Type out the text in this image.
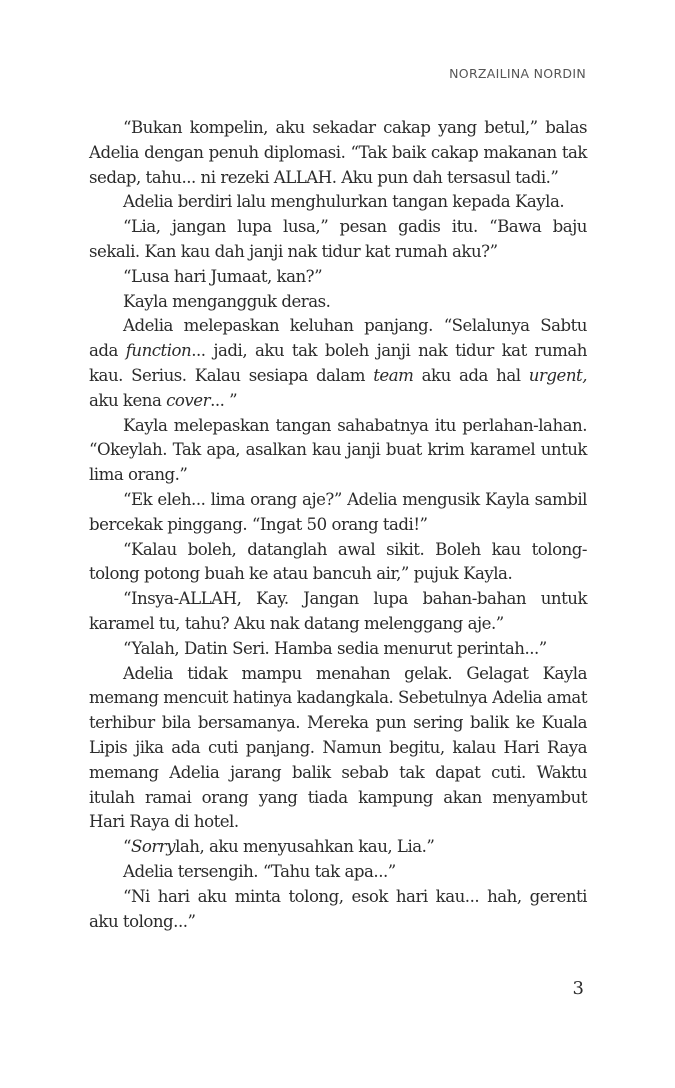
NORZAILINA NORDIN

“Bukan kompelin, aku sekadar cakap yang betul,” balas Adelia dengan penuh diplomasi. “Tak baik cakap makanan tak sedap, tahu... ni rezeki ALLAH. Aku pun dah tersasul tadi.”

Adelia berdiri lalu menghulurkan tangan kepada Kayla.

“Lia, jangan lupa lusa,” pesan gadis itu. “Bawa baju sekali. Kan kau dah janji nak tidur kat rumah aku?”

“Lusa hari Jumaat, kan?”

Kayla mengangguk deras.

Adelia melepaskan keluhan panjang. “Selalunya Sabtu ada function... jadi, aku tak boleh janji nak tidur kat rumah kau. Serius. Kalau sesiapa dalam team aku ada hal urgent, aku kena cover... ”

Kayla melepaskan tangan sahabatnya itu perlahan-lahan. “Okeylah. Tak apa, asalkan kau janji buat krim karamel untuk lima orang.”

“Ek eleh... lima orang aje?” Adelia mengusik Kayla sambil bercekak pinggang. “Ingat 50 orang tadi!”

“Kalau boleh, datanglah awal sikit. Boleh kau tolong-tolong potong buah ke atau bancuh air,” pujuk Kayla.

“Insya-ALLAH, Kay. Jangan lupa bahan-bahan untuk karamel tu, tahu? Aku nak datang melenggang aje.”

“Yalah, Datin Seri. Hamba sedia menurut perintah...”

Adelia tidak mampu menahan gelak. Gelagat Kayla memang mencuit hatinya kadangkala. Sebetulnya Adelia amat terhibur bila bersamanya. Mereka pun sering balik ke Kuala Lipis jika ada cuti panjang. Namun begitu, kalau Hari Raya memang Adelia jarang balik sebab tak dapat cuti. Waktu itulah ramai orang yang tiada kampung akan menyambut Hari Raya di hotel.

“Sorrylah, aku menyusahkan kau, Lia.”

Adelia tersengih. “Tahu tak apa...”

“Ni hari aku minta tolong, esok hari kau... hah, gerenti aku tolong...”

3
